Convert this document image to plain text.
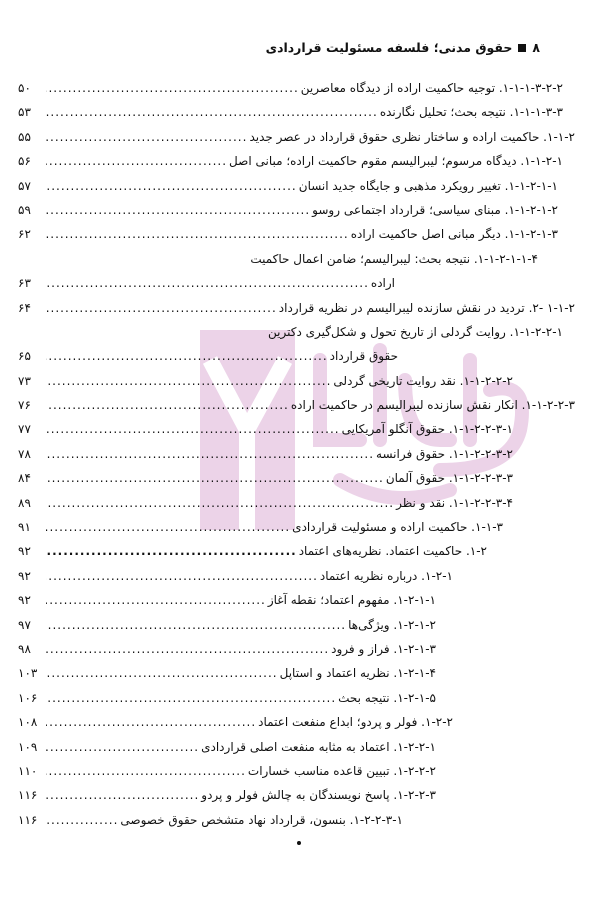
۸
حقوق مدنی؛ فلسفه مسئولیت قراردادی
۱-۱-۱-۳-۲-۲. توجیه حاکمیت اراده از دیدگاه معاصرین
.....
۵۰
۱-۱-۱-۳-۳. نتیجه بحث؛ تحلیل نگارنده
.....
۵۳
۱-۱-۲. حاکمیت اراده و ساختار نظری حقوق قرارداد در عصر جدید
.....
۵۵
۱-۱-۲-۱. دیدگاه مرسوم؛ لیبرالیسم مقوم حاکمیت اراده؛ مبانی اصل
.....
۵۶
۱-۱-۲-۱-۱. تغییر رویکرد مذهبی و جایگاه جدید انسان
.....
۵۷
۱-۱-۲-۱-۲. مبنای سیاسی؛ قرارداد اجتماعی روسو
.....
۵۹
۱-۱-۲-۱-۳. دیگر مبانی اصل حاکمیت اراده
.....
۶۲
۱-۱-۲-۱-۱-۴. نتیجه بحث: لیبرالیسم؛ ضامن اعمال حاکمیت
اراده
.....
۶۳
۱-۱-۲ -۲. تردید در نقش سازنده لیبرالیسم در نظریه قرارداد
.....
۶۴
۱-۱-۲-۲-۱. روایت گردلی از تاریخ تحول و شکل‌گیری دکترین
حقوق قرارداد
.....
۶۵
۱-۱-۲-۲-۲. نقد روایت تاریخی گردلی
.....
۷۳
۱-۱-۲-۲-۳. انکار نقش سازنده لیبرالیسم در حاکمیت اراده
.....
۷۶
۱-۱-۲-۲-۳-۱. حقوق آنگلو آمریکایی
.....
۷۷
۱-۱-۲-۲-۳-۲. حقوق فرانسه
.....
۷۸
۱-۱-۲-۲-۳-۳. حقوق آلمان
.....
۸۴
۱-۱-۲-۲-۳-۴. نقد و نظر
.....
۸۹
۱-۱-۳. حاکمیت اراده و مسئولیت قراردادی
.....
۹۱
۱-۲. حاکمیت اعتماد. نظریه‌های اعتماد
.....
۹۲
۱-۲-۱. درباره نظریه اعتماد
.....
۹۲
۱-۲-۱-۱. مفهوم اعتماد؛ نقطه آغاز
.....
۹۲
۱-۲-۱-۲. ویژگی‌ها
.....
۹۷
۱-۲-۱-۳. فراز و فرود
.....
۹۸
۱-۲-۱-۴. نظریه اعتماد و استاپل
.....
۱۰۳
۱-۲-۱-۵. نتیجه بحث
.....
۱۰۶
۱-۲-۲. فولر و پردو؛ ابداع منفعت اعتماد
.....
۱۰۸
۱-۲-۲-۱. اعتماد به مثابه منفعت اصلی قراردادی
.....
۱۰۹
۱-۲-۲-۲. تبیین قاعده مناسب خسارات
.....
۱۱۰
۱-۲-۲-۳. پاسخ نویسندگان به چالش فولر و پردو
.....
۱۱۶
۱-۲-۲-۳-۱. بنسون، قرارداد نهاد متشخص حقوق خصوصی
.....
۱۱۶
